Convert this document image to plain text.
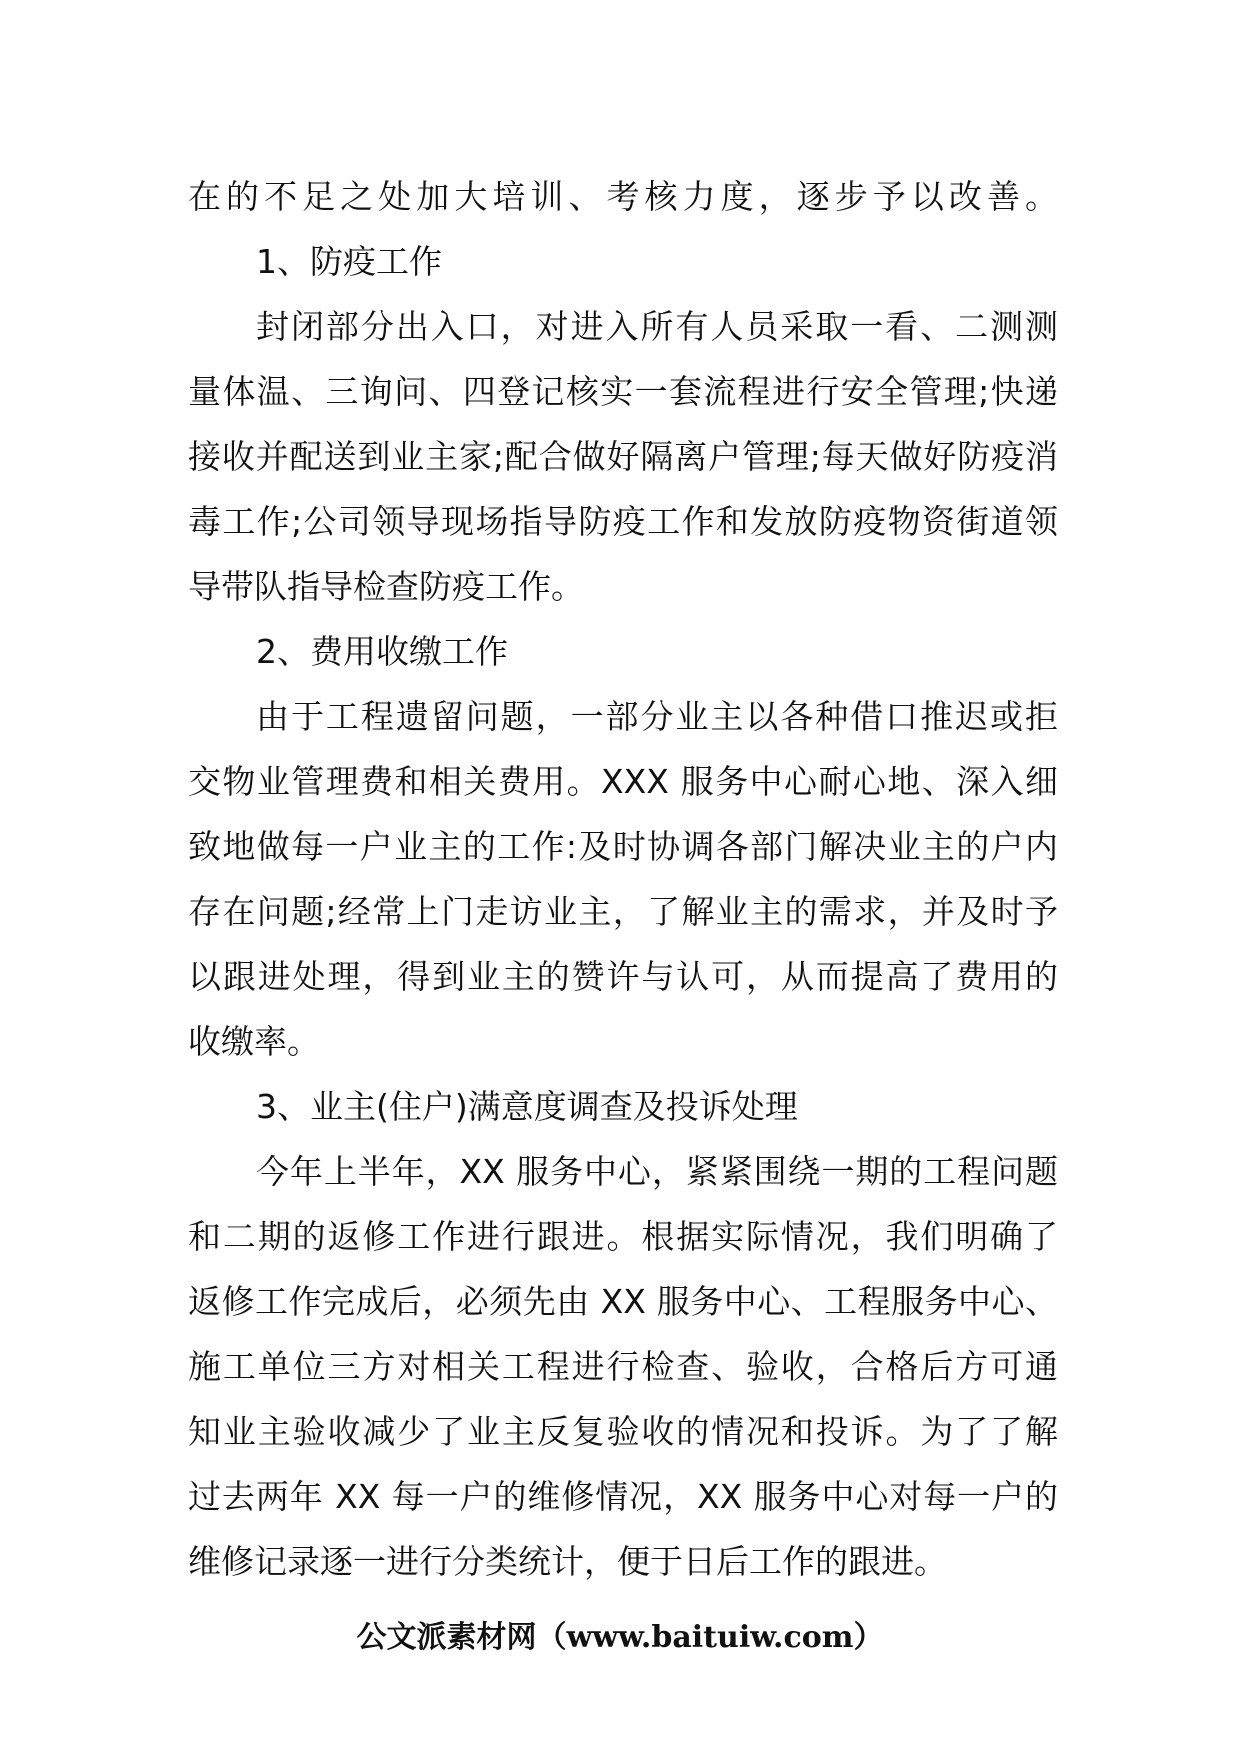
在的不足之处加大培训、考核力度，逐步予以改善。
1、防疫工作
封闭部分出入口，对进入所有人员采取一看、二测测
量体温、三询问、四登记核实一套流程进行安全管理;快递
接收并配送到业主家;配合做好隔离户管理;每天做好防疫消
毒工作;公司领导现场指导防疫工作和发放防疫物资街道领
导带队指导检查防疫工作。
2、费用收缴工作
由于工程遗留问题，一部分业主以各种借口推迟或拒
交物业管理费和相关费用。XXX 服务中心耐心地、深入细
致地做每一户业主的工作:及时协调各部门解决业主的户内
存在问题;经常上门走访业主，了解业主的需求，并及时予
以跟进处理，得到业主的赞许与认可，从而提高了费用的
收缴率。
3、业主(住户)满意度调查及投诉处理
今年上半年，XX 服务中心，紧紧围绕一期的工程问题
和二期的返修工作进行跟进。根据实际情况，我们明确了
返修工作完成后，必须先由 XX 服务中心、工程服务中心、
施工单位三方对相关工程进行检查、验收，合格后方可通
知业主验收减少了业主反复验收的情况和投诉。为了了解
过去两年 XX 每一户的维修情况，XX 服务中心对每一户的
维修记录逐一进行分类统计，便于日后工作的跟进。
公文派素材网（www.baituiw.com）
